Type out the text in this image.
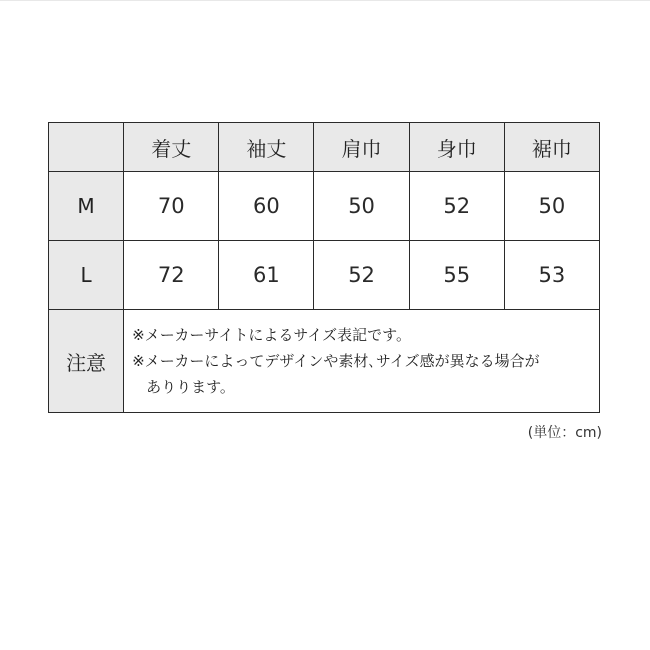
	着丈	袖丈	肩巾	身巾	裾巾
M	70	60	50	52	50
L	72	61	52	55	53
注意	※メーカーサイトによるサイズ表記です。
※メーカーによってデザインや素材､サイズ感が異なる場合が
ありります。				
(単位：cm)
